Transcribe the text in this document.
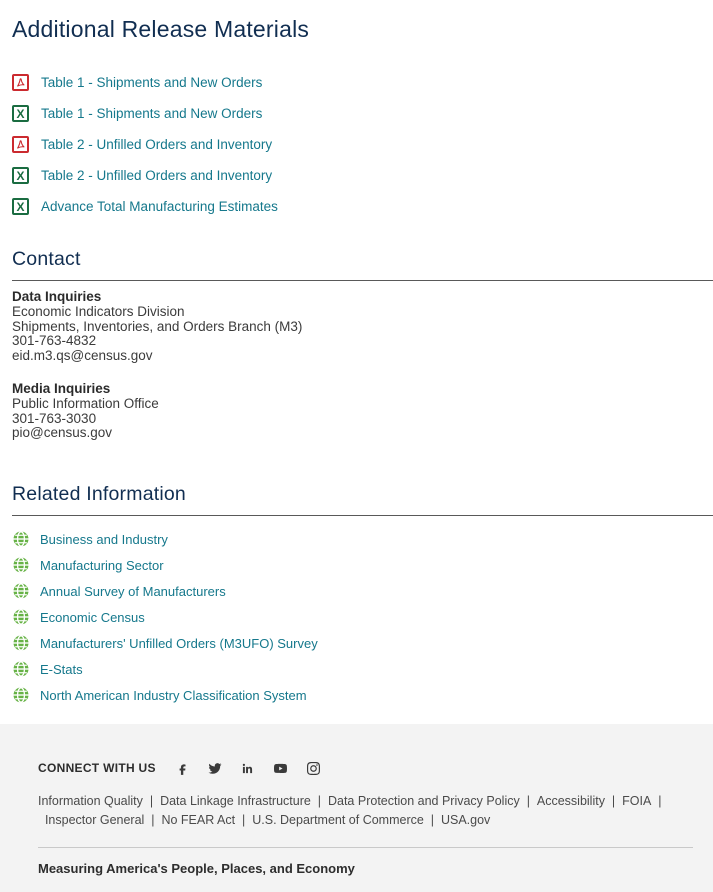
Additional Release Materials
Table 1 - Shipments and New Orders
X Table 1 - Shipments and New Orders
Table 2 - Unfilled Orders and Inventory
X Table 2 - Unfilled Orders and Inventory
X Advance Total Manufacturing Estimates
Contact
Data Inquiries
Economic Indicators Division
Shipments, Inventories, and Orders Branch (M3)
301-763-4832
eid.m3.qs@census.gov
Media Inquiries
Public Information Office
301-763-3030
pio@census.gov
Related Information
Business and Industry
Manufacturing Sector
Annual Survey of Manufacturers
Economic Census
Manufacturers' Unfilled Orders (M3UFO) Survey
E-Stats
North American Industry Classification System
CONNECT WITH US
Information Quality  | Data Linkage Infrastructure  | Data Protection and Privacy Policy  | Accessibility  | FOIA  |  Inspector General  | No FEAR Act  | U.S. Department of Commerce  | USA.gov
Measuring America's People, Places, and Economy
